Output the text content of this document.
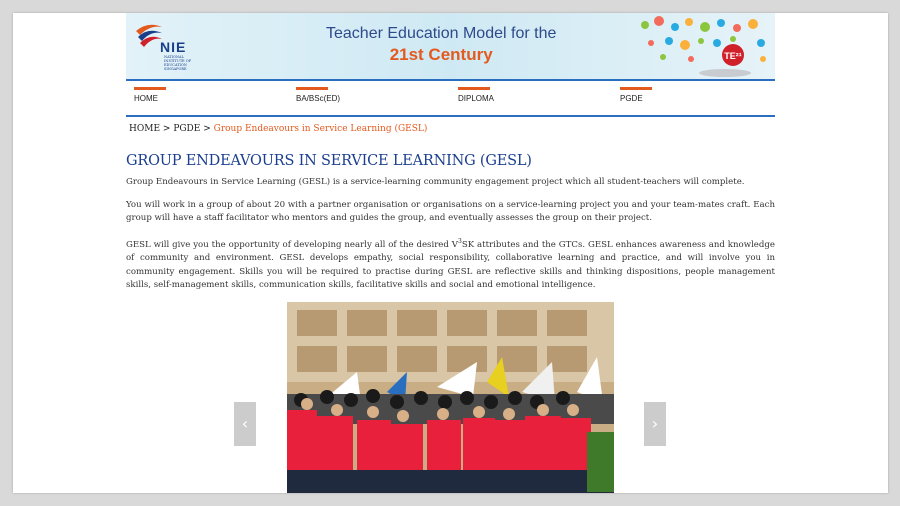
NIE
NATIONAL INSTITUTE OF EDUCATION SINGAPORE
Teacher Education Model for the
21st Century	TE²¹
HOME	BA/BSc(ED)	DIPLOMA	PGDE
HOME > PGDE > Group Endeavours in Service Learning (GESL)
GROUP ENDEAVOURS IN SERVICE LEARNING (GESL)

Group Endeavours in Service Learning (GESL) is a service-learning community engagement project which all student-teachers will complete.

You will work in a group of about 20 with a partner organisation or organisations on a service-learning project you and your team-mates craft. Each group will have a staff facilitator who mentors and guides the group, and eventually assesses the group on their project.

GESL will give you the opportunity of developing nearly all of the desired $V^3SK$ attributes and the GTCs. GESL enhances awareness and knowledge of community and environment. GESL develops empathy, social responsibility, collaborative learning and practice, and will involve you in community engagement. Skills you will be required to practise during GESL are reflective skills and thinking dispositions, people management skills, self-management skills, communication skills, facilitative skills and social and emotional intelligence.

‹	›
